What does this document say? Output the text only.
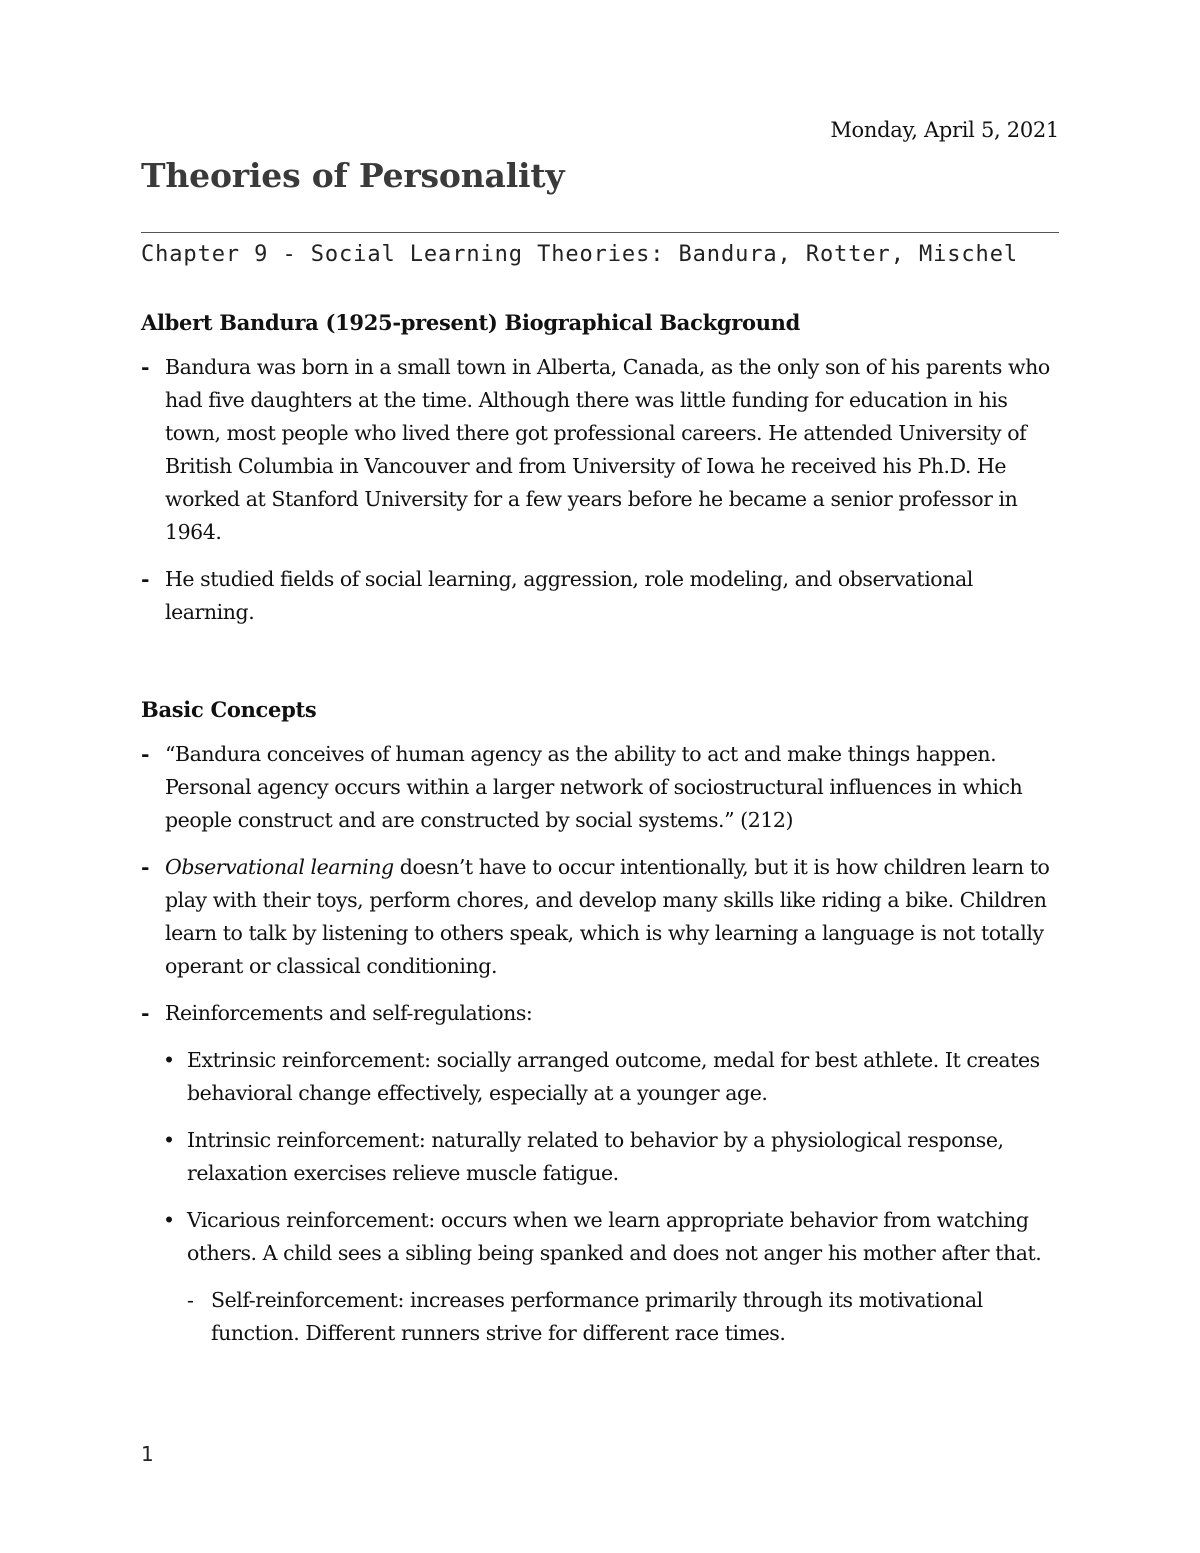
Monday, April 5, 2021
Theories of Personality
Chapter 9 - Social Learning Theories: Bandura, Rotter, Mischel

Albert Bandura (1925-present) Biographical Background

- Bandura was born in a small town in Alberta, Canada, as the only son of his parents who had five daughters at the time. Although there was little funding for education in his town, most people who lived there got professional careers. He attended University of British Columbia in Vancouver and from University of Iowa he received his Ph.D. He worked at Stanford University for a few years before he became a senior professor in 1964.
- He studied fields of social learning, aggression, role modeling, and observational learning.

Basic Concepts

- “Bandura conceives of human agency as the ability to act and make things happen. Personal agency occurs within a larger network of sociostructural influences in which people construct and are constructed by social systems.” (212)
- Observational learning doesn’t have to occur intentionally, but it is how children learn to play with their toys, perform chores, and develop many skills like riding a bike. Children learn to talk by listening to others speak, which is why learning a language is not totally operant or classical conditioning.
- Reinforcements and self-regulations:
• Extrinsic reinforcement: socially arranged outcome, medal for best athlete. It creates behavioral change effectively, especially at a younger age.
• Intrinsic reinforcement: naturally related to behavior by a physiological response, relaxation exercises relieve muscle fatigue.
• Vicarious reinforcement: occurs when we learn appropriate behavior from watching others. A child sees a sibling being spanked and does not anger his mother after that.
- Self-reinforcement: increases performance primarily through its motivational function. Different runners strive for different race times.
1
